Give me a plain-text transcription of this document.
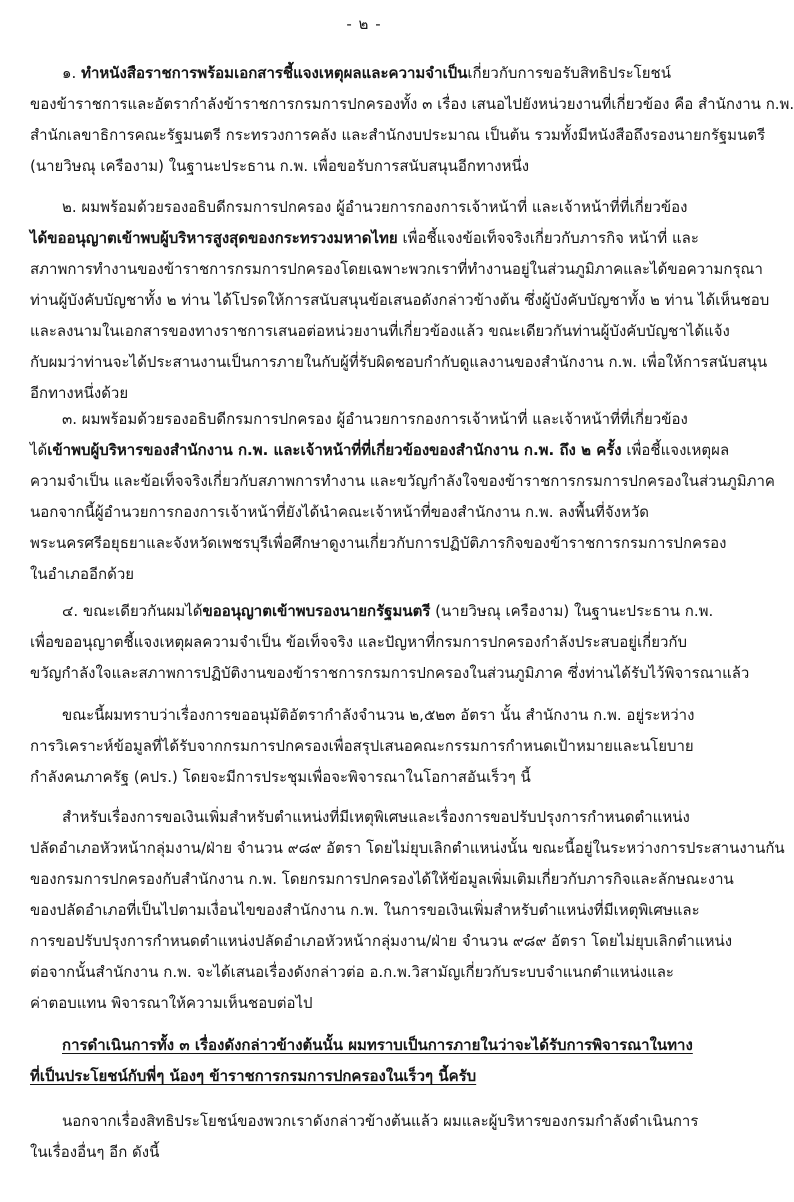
- ๒ -
๑. ทำหนังสือราชการพร้อมเอกสารชี้แจงเหตุผลและความจำเป็นเกี่ยวกับการขอรับสิทธิประโยชน์
ของข้าราชการและอัตรากำลังข้าราชการกรมการปกครองทั้ง ๓ เรื่อง เสนอไปยังหน่วยงานที่เกี่ยวข้อง คือ สำนักงาน ก.พ.
สำนักเลขาธิการคณะรัฐมนตรี กระทรวงการคลัง และสำนักงบประมาณ เป็นต้น รวมทั้งมีหนังสือถึงรองนายกรัฐมนตรี
(นายวิษณุ เครืองาม) ในฐานะประธาน ก.พ. เพื่อขอรับการสนับสนุนอีกทางหนึ่ง
๒. ผมพร้อมด้วยรองอธิบดีกรมการปกครอง ผู้อำนวยการกองการเจ้าหน้าที่ และเจ้าหน้าที่ที่เกี่ยวข้อง
ได้ขออนุญาตเข้าพบผู้บริหารสูงสุดของกระทรวงมหาดไทย เพื่อชี้แจงข้อเท็จจริงเกี่ยวกับภารกิจ หน้าที่ และ
สภาพการทำงานของข้าราชการกรมการปกครองโดยเฉพาะพวกเราที่ทำงานอยู่ในส่วนภูมิภาคและได้ขอความกรุณา
ท่านผู้บังคับบัญชาทั้ง ๒ ท่าน ได้โปรดให้การสนับสนุนข้อเสนอดังกล่าวข้างต้น ซึ่งผู้บังคับบัญชาทั้ง ๒ ท่าน ได้เห็นชอบ
และลงนามในเอกสารของทางราชการเสนอต่อหน่วยงานที่เกี่ยวข้องแล้ว ขณะเดียวกันท่านผู้บังคับบัญชาได้แจ้ง
กับผมว่าท่านจะได้ประสานงานเป็นการภายในกับผู้ที่รับผิดชอบกำกับดูแลงานของสำนักงาน ก.พ. เพื่อให้การสนับสนุน
อีกทางหนึ่งด้วย
๓. ผมพร้อมด้วยรองอธิบดีกรมการปกครอง ผู้อำนวยการกองการเจ้าหน้าที่ และเจ้าหน้าที่ที่เกี่ยวข้อง
ได้เข้าพบผู้บริหารของสำนักงาน ก.พ. และเจ้าหน้าที่ที่เกี่ยวข้องของสำนักงาน ก.พ. ถึง ๒ ครั้ง เพื่อชี้แจงเหตุผล
ความจำเป็น และข้อเท็จจริงเกี่ยวกับสภาพการทำงาน และขวัญกำลังใจของข้าราชการกรมการปกครองในส่วนภูมิภาค
นอกจากนี้ผู้อำนวยการกองการเจ้าหน้าที่ยังได้นำคณะเจ้าหน้าที่ของสำนักงาน ก.พ. ลงพื้นที่จังหวัด
พระนครศรีอยุธยาและจังหวัดเพชรบุรีเพื่อศึกษาดูงานเกี่ยวกับการปฏิบัติภารกิจของข้าราชการกรมการปกครอง
ในอำเภออีกด้วย
๔. ขณะเดียวกันผมได้ขออนุญาตเข้าพบรองนายกรัฐมนตรี (นายวิษณุ เครืองาม) ในฐานะประธาน ก.พ.
เพื่อขออนุญาตชี้แจงเหตุผลความจำเป็น ข้อเท็จจริง และปัญหาที่กรมการปกครองกำลังประสบอยู่เกี่ยวกับ
ขวัญกำลังใจและสภาพการปฏิบัติงานของข้าราชการกรมการปกครองในส่วนภูมิภาค ซึ่งท่านได้รับไว้พิจารณาแล้ว
ขณะนี้ผมทราบว่าเรื่องการขออนุมัติอัตรากำลังจำนวน ๒,๕๒๓ อัตรา นั้น สำนักงาน ก.พ. อยู่ระหว่าง
การวิเคราะห์ข้อมูลที่ได้รับจากกรมการปกครองเพื่อสรุปเสนอคณะกรรมการกำหนดเป้าหมายและนโยบาย
กำลังคนภาครัฐ (คปร.) โดยจะมีการประชุมเพื่อจะพิจารณาในโอกาสอันเร็วๆ นี้
สำหรับเรื่องการขอเงินเพิ่มสำหรับตำแหน่งที่มีเหตุพิเศษและเรื่องการขอปรับปรุงการกำหนดตำแหน่ง
ปลัดอำเภอหัวหน้ากลุ่มงาน/ฝ่าย จำนวน ๙๘๙ อัตรา โดยไม่ยุบเลิกตำแหน่งนั้น ขณะนี้อยู่ในระหว่างการประสานงานกัน
ของกรมการปกครองกับสำนักงาน ก.พ. โดยกรมการปกครองได้ให้ข้อมูลเพิ่มเติมเกี่ยวกับภารกิจและลักษณะงาน
ของปลัดอำเภอที่เป็นไปตามเงื่อนไขของสำนักงาน ก.พ. ในการขอเงินเพิ่มสำหรับตำแหน่งที่มีเหตุพิเศษและ
การขอปรับปรุงการกำหนดตำแหน่งปลัดอำเภอหัวหน้ากลุ่มงาน/ฝ่าย จำนวน ๙๘๙ อัตรา โดยไม่ยุบเลิกตำแหน่ง
ต่อจากนั้นสำนักงาน ก.พ. จะได้เสนอเรื่องดังกล่าวต่อ อ.ก.พ.วิสามัญเกี่ยวกับระบบจำแนกตำแหน่งและ
ค่าตอบแทน พิจารณาให้ความเห็นชอบต่อไป
การดำเนินการทั้ง ๓ เรื่องดังกล่าวข้างต้นนั้น ผมทราบเป็นการภายในว่าจะได้รับการพิจารณาในทาง
ที่เป็นประโยชน์กับพี่ๆ น้องๆ ข้าราชการกรมการปกครองในเร็วๆ นี้ครับ
นอกจากเรื่องสิทธิประโยชน์ของพวกเราดังกล่าวข้างต้นแล้ว ผมและผู้บริหารของกรมกำลังดำเนินการ
ในเรื่องอื่นๆ อีก ดังนี้
